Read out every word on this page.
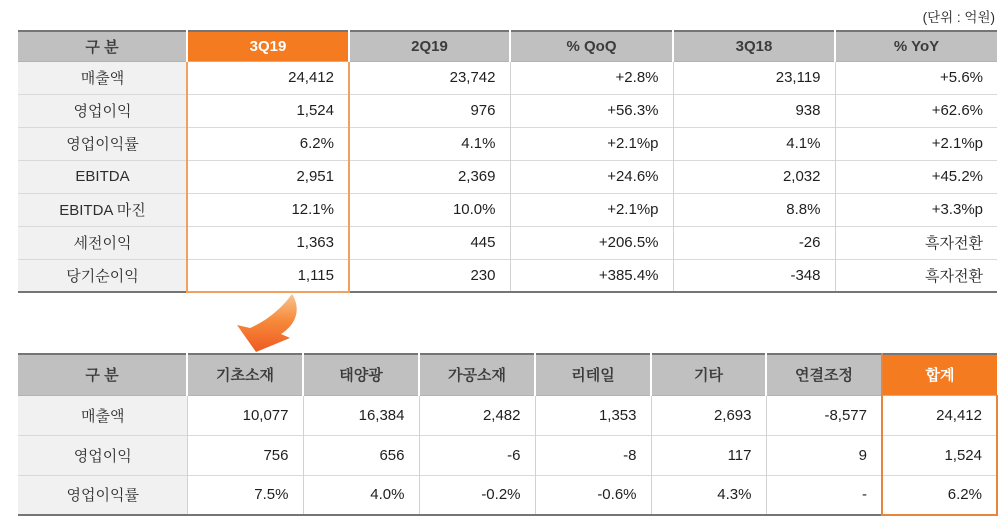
(단위 : 억원)
구 분	3Q19	2Q19	% QoQ	3Q18	% YoY
매출액	24,412	23,742	+2.8%	23,119	+5.6%
영업이익	1,524	976	+56.3%	938	+62.6%
영업이익률	6.2%	4.1%	+2.1%p	4.1%	+2.1%p
EBITDA	2,951	2,369	+24.6%	2,032	+45.2%
EBITDA 마진	12.1%	10.0%	+2.1%p	8.8%	+3.3%p
세전이익	1,363	445	+206.5%	-26	흑자전환
당기순이익	1,115	230	+385.4%	-348	흑자전환
구 분	기초소재	태양광	가공소재	리테일	기타	연결조정	합계
매출액	10,077	16,384	2,482	1,353	2,693	-8,577	24,412
영업이익	756	656	-6	-8	117	9	1,524
영업이익률	7.5%	4.0%	-0.2%	-0.6%	4.3%	-	6.2%
